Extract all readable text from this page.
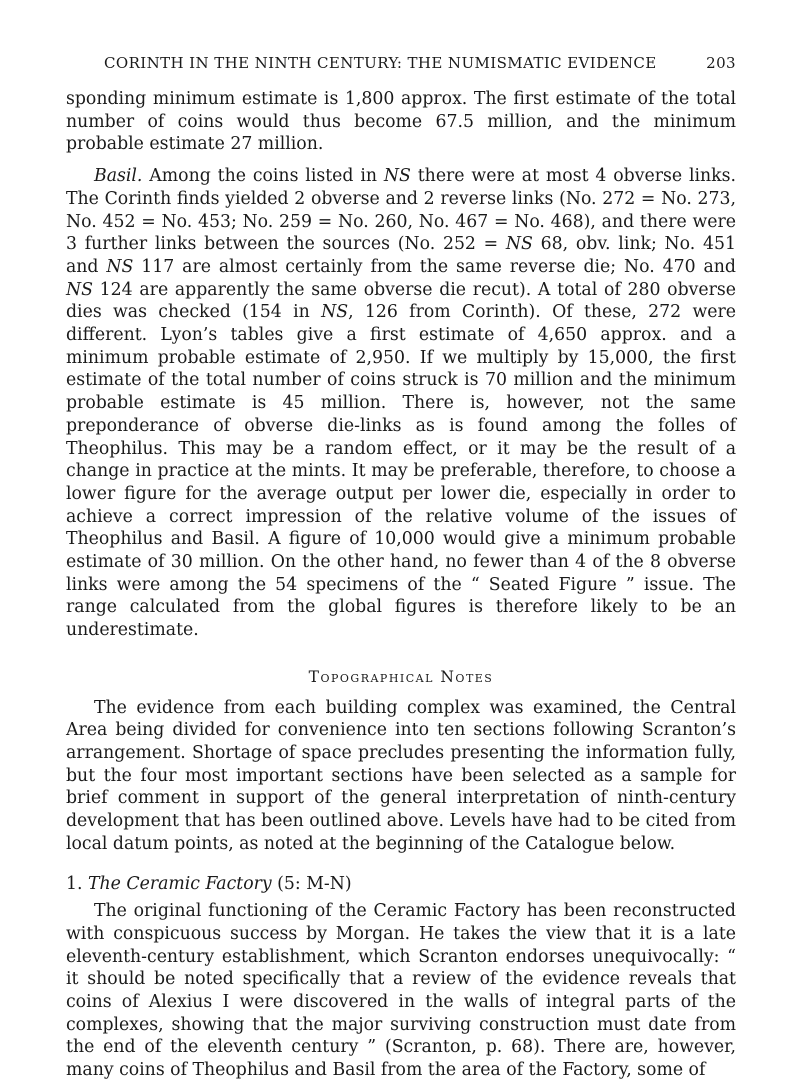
CORINTH IN THE NINTH CENTURY: THE NUMISMATIC EVIDENCE	203

sponding minimum estimate is 1,800 approx. The first estimate of the total number of coins would thus become 67.5 million, and the minimum probable estimate 27 million.

Basil. Among the coins listed in NS there were at most 4 obverse links. The Corinth finds yielded 2 obverse and 2 reverse links (No. 272 = No. 273, No. 452 = No. 453; No. 259 = No. 260, No. 467 = No. 468), and there were 3 further links between the sources (No. 252 = NS 68, obv. link; No. 451 and NS 117 are almost certainly from the same reverse die; No. 470 and NS 124 are apparently the same obverse die recut). A total of 280 obverse dies was checked (154 in NS, 126 from Corinth). Of these, 272 were different. Lyon’s tables give a first estimate of 4,650 approx. and a minimum probable estimate of 2,950. If we multiply by 15,000, the first estimate of the total number of coins struck is 70 million and the minimum probable estimate is 45 million. There is, however, not the same preponderance of obverse die-links as is found among the folles of Theophilus. This may be a random effect, or it may be the result of a change in practice at the mints. It may be preferable, therefore, to choose a lower figure for the average output per lower die, especially in order to achieve a correct impression of the relative volume of the issues of Theophilus and Basil. A figure of 10,000 would give a minimum probable estimate of 30 million. On the other hand, no fewer than 4 of the 8 obverse links were among the 54 specimens of the “ Seated Figure ” issue. The range calculated from the global figures is therefore likely to be an underestimate.

Topographical Notes

The evidence from each building complex was examined, the Central Area being divided for convenience into ten sections following Scranton’s arrangement. Shortage of space precludes presenting the information fully, but the four most important sections have been selected as a sample for brief comment in support of the general interpretation of ninth-century development that has been outlined above. Levels have had to be cited from local datum points, as noted at the beginning of the Catalogue below.

1. The Ceramic Factory (5: M-N)

The original functioning of the Ceramic Factory has been reconstructed with conspicuous success by Morgan. He takes the view that it is a late eleventh-century establishment, which Scranton endorses unequivocally: “ it should be noted specifically that a review of the evidence reveals that coins of Alexius I were discovered in the walls of integral parts of the complexes, showing that the major surviving construction must date from the end of the eleventh century ” (Scranton, p. 68). There are, however, many coins of Theophilus and Basil from the area of the Factory, some of
